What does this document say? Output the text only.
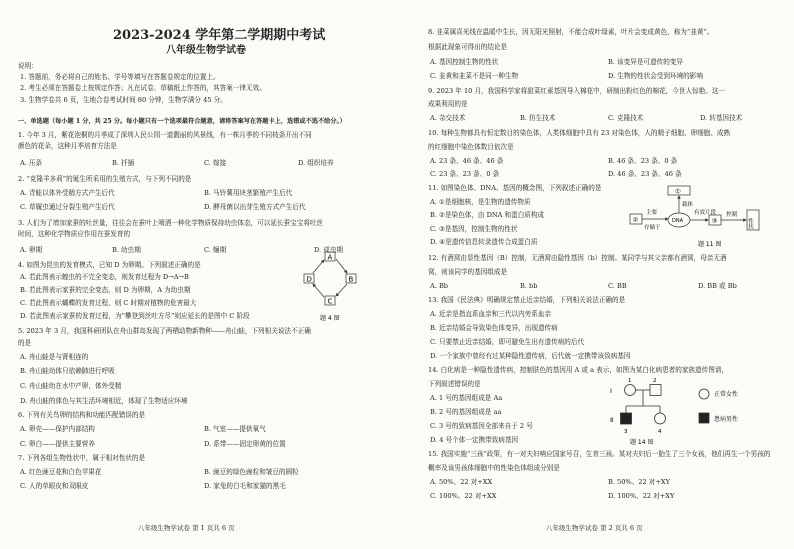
2023-2024 学年第二学期期中考试
八年级生物学试卷
说明：
1. 答题前，务必将自己的姓名、学号等填写在答题卷规定的位置上。
2. 考生必须在答题卷上按规定作答；凡在试卷、草稿纸上作答的，其答案一律无效。
3. 生物学卷共 6 页，生地合卷考试时间 80 分钟，生物学满分 45 分。
一、单选题（每小题 1 分，共 25 分。每小题只有一个选项最符合题意，请将答案写在答题卡上，选错或不选不给分。）
1. 今年 3 月，紫花泡桐的月季成了深圳人民公园一道靓丽的风景线，有一株月季的不同枝条开出不同
颜色的花朵，这种月季培育方法是
A. 压条	B. 扦插	C. 嫁接	D. 组织培养
2. “克隆羊多莉”的诞生所采用的生殖方式，与下列不同的是
A. 青蛙以体外受精方式产生后代	B. 马铃薯用块茎繁殖产生后代
C. 草履虫通过分裂生殖产生后代	D. 酵母菌以出芽生殖方式产生后代
3. 人们为了增加家蚕的吐丝量，往往会在蚕叶上喷洒一种化学物质保持幼虫体态，可以延长蚕宝宝将吐丝
时间，这种化学物质应作用在蚕发育的
A. 卵期	B. 幼虫期	C. 蛹期	D. 成虫期
4. 如图为昆虫的发育模式，已知 D 为卵期。下列叙述正确的是
A. 若此图表示蝗虫的不完全变态，则发育过程为 D→A→B
B. 若此图表示家蚕的完全变态，则 D 为卵期，A 为幼虫期
C. 若此图表示蝴蝶的发育过程，则 C 时期对植物的危害最大
D. 若此图表示家蚕的发育过程，为“攀登到丝吐方尽”则应延长的是图中 C 阶段
A
B
C
D
题 4 图
5. 2023 年 3 月，我国科研团队在舟山群岛发现了两栖动物新物种——舟山蛙，下列相关说法不正确
的是
A. 舟山蛙是与肾相连的
B. 舟山蛙幼体只依赖肺进行呼吸
C. 舟山蛙幼在水中产卵，体外受精
D. 舟山蛙的体色与其生活环境相近，体现了生物适应环境
6. 下列有关鸟卵的结构和功能匹配错误的是
A. 卵壳——保护内部结构	B. 气室——提供氧气
C. 卵白——提供主要营养	D. 系带——固定卵黄的位置
7. 下列各组生物性状中，属于相对性状的是
A. 红色豌豆花和白色苹果花	B. 豌豆的绿色豌粒和皱豆的圆粒
C. 人的单眼皮和双眼皮	D. 家兔的白毛和家猫的黑毛
八年级生物学试卷 第 1 页共 6 页
8. 韭菜属喜光线在温暖中生长，因无阳光照射，不能合成叶绿素，叶片会变成黄色，称为“韭黄”。
根据此现象可得出的结论是
A. 基因控制生物的性状	B. 该变异是可遗传的变异
C. 韭黄和韭菜不是同一种生物	D. 生物的性状会受到环境的影响
9. 2023 年 10 月，我国科学家将甜菜红素基因导入棉花中，研制出粉红色的棉花，今世人惊艳。这一
成果利用的是
A. 杂交技术	B. 仿生技术	C. 克隆技术	D. 转基因技术
10. 每种生物都具有恒定数目的染色体，人类体细胞中具有 23 对染色体，人的精子细胞、卵细胞、成熟
的红细胞中染色体数目依次是
A. 23 条、46 条、46 条	B. 46 条、23 条、0 条
C. 23 条、23 条、0 条	D. 46 条、23 条、46 条
11. 如图染色体、DNA、基因的概念图，下列叙述正确的是
A. ①是细胞核，是生物的遗传物质
B. ②是染色体，由 DNA 和蛋白质构成
C. ③是基因，控制生物的性状
D. ④是遗传信息转录遗传合成蛋白质
①
②
主要
存储于
DNA
载体
有效片段
③
控制
性状
题 11 图
12. 有酒窝由显性基因（B）控制，无酒窝由隐性基因（b）控制。某同学与其父亲都有酒窝，母亲无酒
窝，则该同学的基因组成是
A. Bb	B. bb	C. BB	D. BB 或 Bb
13. 我国《民法典》明确规定禁止近亲结婚，下列相关说法正确的是
A. 近亲是指直系血亲和三代以内旁系血亲
B. 近亲结婚会导致染色体变异，出现遗传病
C. 只要禁止近亲结婚，即可避免生出有遗传病的后代
D. 一个家族中曾经有过某种隐性遗传病，后代就一定携带该致病基因
14. 白化病是一种隐性遗传病，控制肤色的基因用 A 或 a 表示，如图为某白化病患者的家族遗传图谱，
下列叙述错误的是
A. 1 号的基因组成是 Aa
B. 2 号的基因组成是 aa
C. 3 号的致病基因全部来自于 2 号
D. 4 号个体一定携带致病基因
Ⅰ
Ⅱ
1	2
3	4
正常女性
患病男性
题 14 图
15. 我国实施“三孩”政策，有一对夫妇响应国家号召，生育三孩。某对夫妇后一胎生了三个女孩，他们再生一个男孩的
概率及该男孩体细胞中的性染色体组成分别是
A. 50%、22 对+XX	B. 50%、22 对+XY
C. 100%、22 对+XX	D. 100%、22 对+XY
八年级生物学试卷 第 2 页共 6 页
